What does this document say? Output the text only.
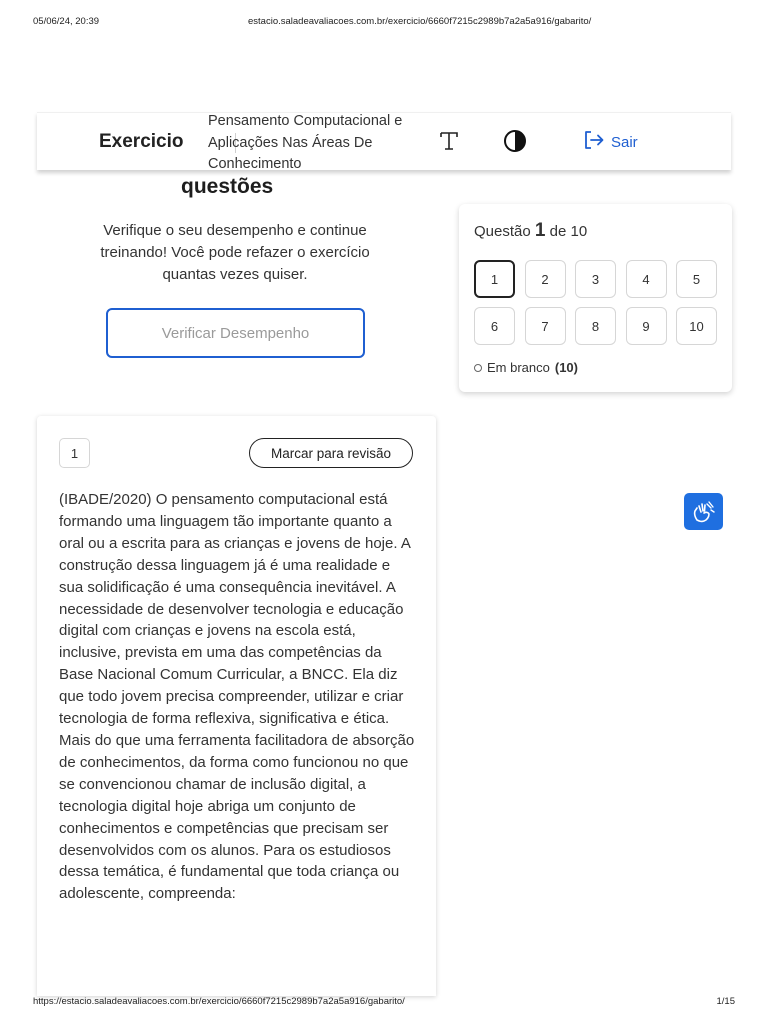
05/06/24, 20:39	estacio.saladeavaliacoes.com.br/exercicio/6660f7215c2989b7a2a5a916/gabarito/
questões
Exercicio
Pensamento Computacional e Aplicações Nas Áreas De Conhecimento
Sair
Verifique o seu desempenho e continue treinando! Você pode refazer o exercício quantas vezes quiser.
Verificar Desempenho
Questão 1 de 10
1	2	3	4	5
6	7	8	9	10
Em branco (10)
1	Marcar para revisão
(IBADE/2020) O pensamento computacional está formando uma linguagem tão importante quanto a oral ou a escrita para as crianças e jovens de hoje. A construção dessa linguagem já é uma realidade e sua solidificação é uma consequência inevitável. A necessidade de desenvolver tecnologia e educação digital com crianças e jovens na escola está, inclusive, prevista em uma das competências da Base Nacional Comum Curricular, a BNCC. Ela diz que todo jovem precisa compreender, utilizar e criar tecnologia de forma reflexiva, significativa e ética. Mais do que uma ferramenta facilitadora de absorção de conhecimentos, da forma como funcionou no que se convencionou chamar de inclusão digital, a tecnologia digital hoje abriga um conjunto de conhecimentos e competências que precisam ser desenvolvidos com os alunos. Para os estudiosos dessa temática, é fundamental que toda criança ou adolescente, compreenda:
https://estacio.saladeavaliacoes.com.br/exercicio/6660f7215c2989b7a2a5a916/gabarito/	1/15
